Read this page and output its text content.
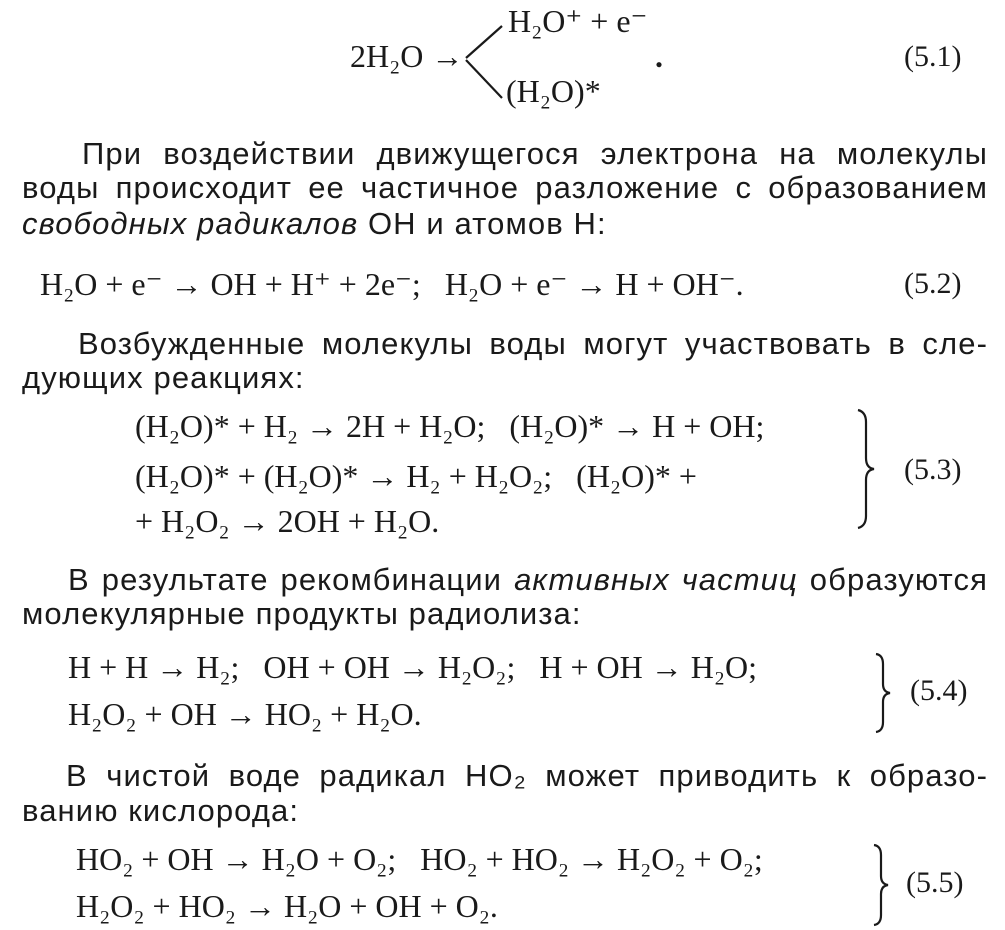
2H₂O →
H₂O⁺ + e⁻
(H₂O)*
.	(5.1)
При воздействии движущегося электрона на молекулы
воды происходит ее частичное разложение с образованием
свободных радикалов ОН и атомов Н:
H₂O + e⁻ → OH + H⁺ + 2e⁻;   H₂O + e⁻ → H + OH⁻.	(5.2)
Возбужденные молекулы воды могут участвовать в сле-
дующих реакциях:
(H₂O)* + H₂ → 2H + H₂O;   (H₂O)* → H + OH;
(H₂O)* + (H₂O)* → H₂ + H₂O₂;   (H₂O)* +
+ H₂O₂ → 2OH + H₂O.
(5.3)
В результате рекомбинации активных частиц образуются
молекулярные продукты радиолиза:
H + H → H₂;   OH + OH → H₂O₂;   H + OH → H₂O;
H₂O₂ + OH → HO₂ + H₂O.
(5.4)
В чистой воде радикал HO₂ может приводить к образо-
ванию кислорода:
HO₂ + OH → H₂O + O₂;   HO₂ + HO₂ → H₂O₂ + O₂;
H₂O₂ + HO₂ → H₂O + OH + O₂.
(5.5)
